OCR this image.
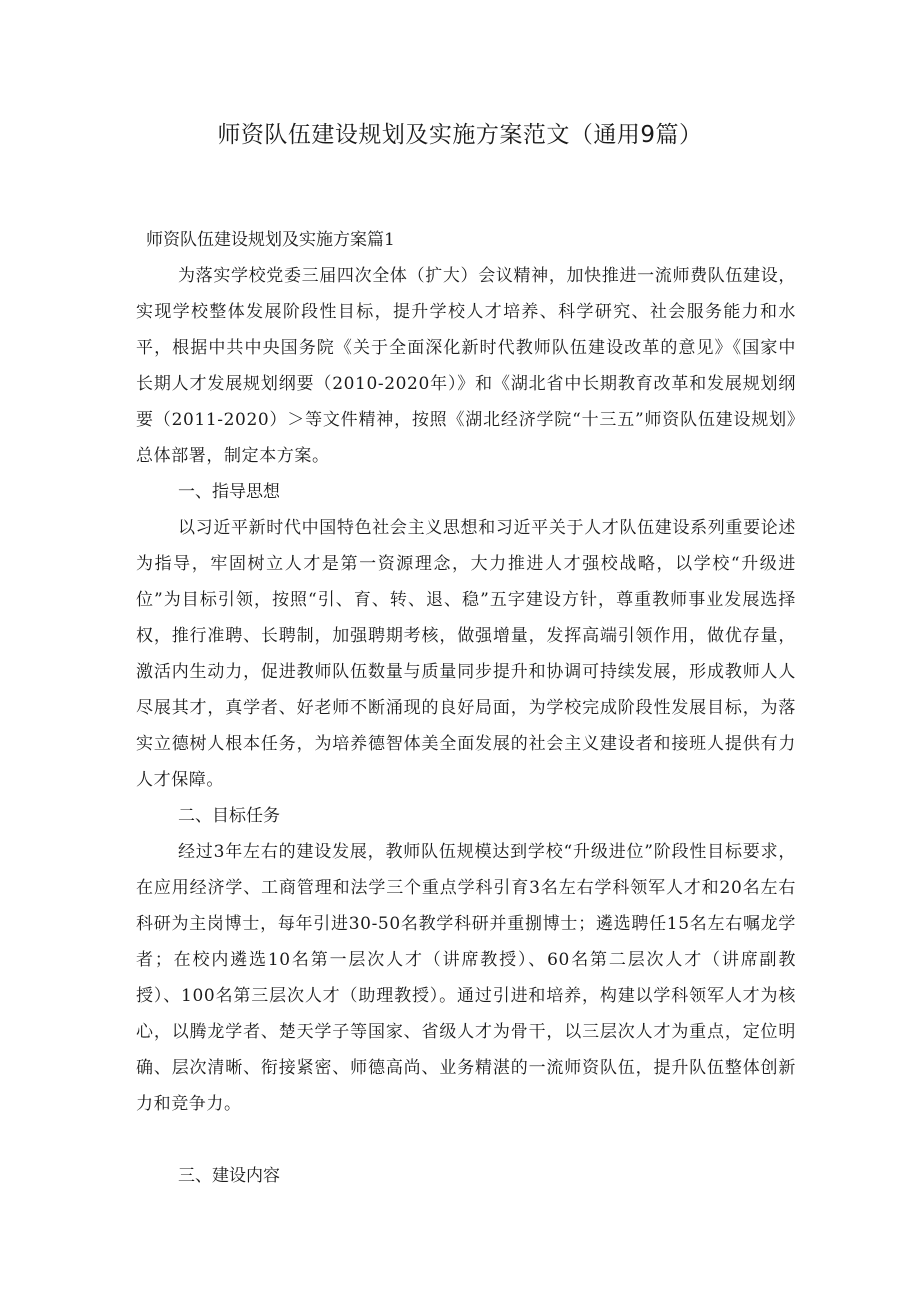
师资队伍建设规划及实施方案范文（通用9篇）

师资队伍建设规划及实施方案篇1

为落实学校党委三届四次全体（扩大）会议精神，加快推进一流师费队伍建设，实现学校整体发展阶段性目标，提升学校人才培养、科学研究、社会服务能力和水平，根据中共中央国务院《关于全面深化新时代教师队伍建设改革的意见》《国家中长期人才发展规划纲要（2010-2020年）》和《湖北省中长期教育改革和发展规划纲要（2011-2020）＞等文件精神，按照《湖北经济学院“十三五”师资队伍建设规划》总体部署，制定本方案。

一、指导思想

以习近平新时代中国特色社会主义思想和习近平关于人才队伍建设系列重要论述为指导，牢固树立人才是第一资源理念，大力推进人才强校战略，以学校“升级进位”为目标引领，按照“引、育、转、退、稳”五字建设方针，尊重教师事业发展选择权，推行准聘、长聘制，加强聘期考核，做强增量，发挥高端引领作用，做优存量，激活内生动力，促进教师队伍数量与质量同步提升和协调可持续发展，形成教师人人尽展其才，真学者、好老师不断涌现的良好局面，为学校完成阶段性发展目标，为落实立德树人根本任务，为培养德智体美全面发展的社会主义建设者和接班人提供有力人才保障。

二、目标任务

经过3年左右的建设发展，教师队伍规模达到学校“升级进位”阶段性目标要求，在应用经济学、工商管理和法学三个重点学科引育3名左右学科领军人才和20名左右科研为主岗博士，每年引进30-50名教学科研并重捌博士；遴选聘任15名左右嘱龙学者；在校内遴选10名第一层次人才（讲席教授）、60名第二层次人才（讲席副教授）、100名第三层次人才（助理教授）。通过引进和培养，构建以学科领军人才为核心，以腾龙学者、楚天学子等国家、省级人才为骨干，以三层次人才为重点，定位明确、层次清晰、衔接紧密、师德高尚、业务精湛的一流师资队伍，提升队伍整体创新力和竞争力。

三、建设内容
